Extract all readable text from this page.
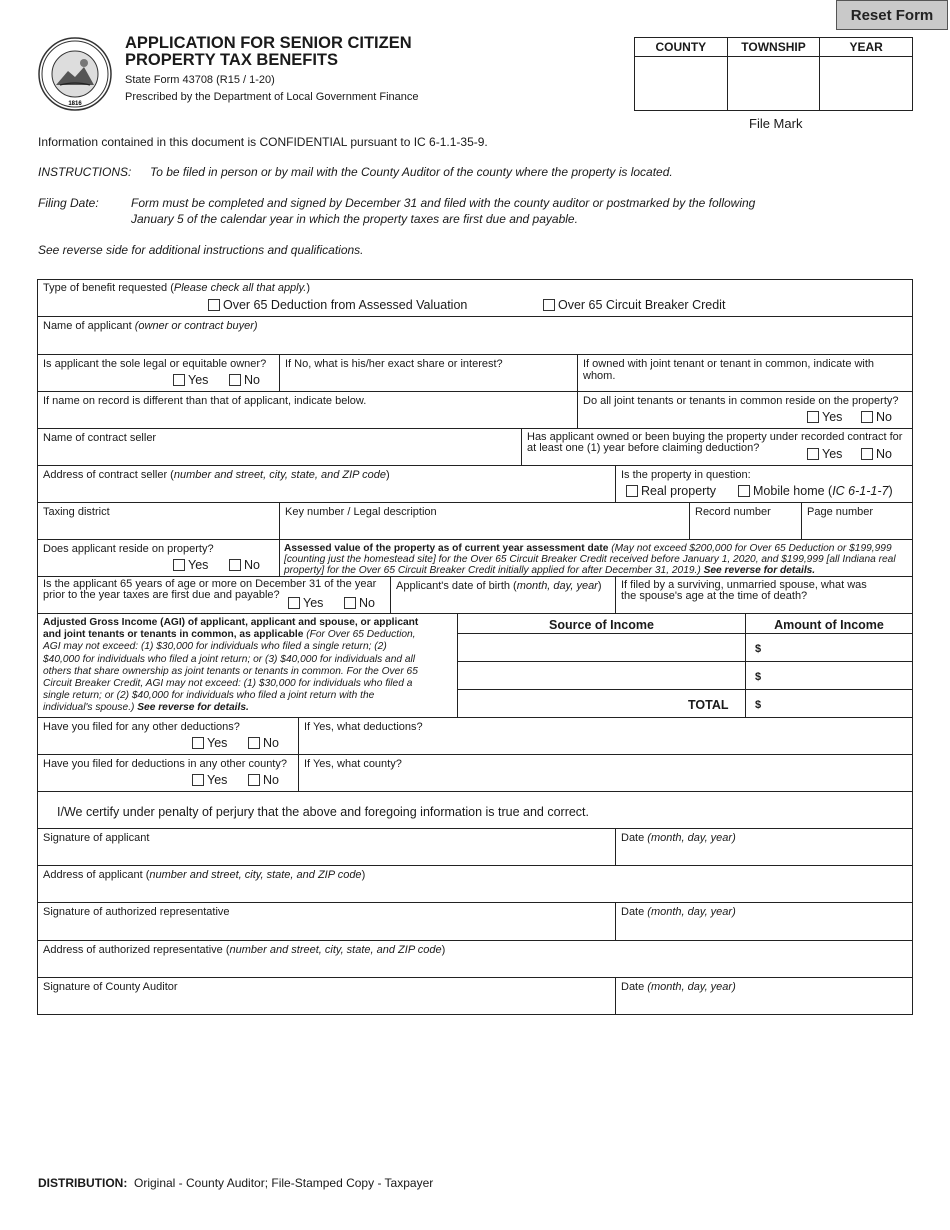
Reset Form
1816
APPLICATION FOR SENIOR CITIZEN
PROPERTY TAX BENEFITS
State Form 43708 (R15 / 1-20)
Prescribed by the Department of Local Government Finance
COUNTY	TOWNSHIP	YEAR
File Mark
Information contained in this document is CONFIDENTIAL pursuant to IC 6-1.1-35-9.
INSTRUCTIONS: To be filed in person or by mail with the County Auditor of the county where the property is located.
Filing Date:	Form must be completed and signed by December 31 and filed with the county auditor or postmarked by the following
January 5 of the calendar year in which the property taxes are first due and payable.
See reverse side for additional instructions and qualifications.
Type of benefit requested (Please check all that apply.)
Over 65 Deduction from Assessed Valuation	Over 65 Circuit Breaker Credit
Name of applicant (owner or contract buyer)
Is applicant the sole legal or equitable owner?
Yes	No
If No, what is his/her exact share or interest?	If owned with joint tenant or tenant in common, indicate with whom.
If name on record is different than that of applicant, indicate below.	Do all joint tenants or tenants in common reside on the property?
Yes	No
Name of contract seller	Has applicant owned or been buying the property under recorded contract for
at least one (1) year before claiming deduction?	Yes	No
Address of contract seller (number and street, city, state, and ZIP code)	Is the property in question:
Real property	Mobile home ( IC 6-1-1-7 )
Taxing district	Key number / Legal description	Record number	Page number
Does applicant reside on property?
Yes	No
Assessed value of the property as of current year assessment date (May not exceed $200,000 for Over 65 Deduction or $199,999
[counting just the homestead site] for the Over 65 Circuit Breaker Credit received before January 1, 2020, and $199,999 [all Indiana real
property] for the Over 65 Circuit Breaker Credit initially applied for after December 31, 2019.) See reverse for details.
Is the applicant 65 years of age or more on December 31 of the year
prior to the year taxes are first due and payable?
Yes	No
Applicant's date of birth (month, day, year)	If filed by a surviving, unmarried spouse, what was
the spouse's age at the time of death?
Adjusted Gross Income (AGI) of applicant, applicant and spouse, or applicant
and joint tenants or tenants in common, as applicable (For Over 65 Deduction,
AGI may not exceed: (1) $30,000 for individuals who filed a single return; (2)
$40,000 for individuals who filed a joint return; or (3) $40,000 for individuals and all
others that share ownership as joint tenants or tenants in common. For the Over 65
Circuit Breaker Credit, AGI may not exceed: (1) $30,000 for individuals who filed a
single return; or (2) $40,000 for individuals who filed a joint return with the
individual's spouse.) See reverse for details.
Source of Income	Amount of Income
$
$
TOTAL	$
Have you filed for any other deductions?
Yes	No
If Yes, what deductions?
Have you filed for deductions in any other county?
Yes	No
If Yes, what county?
I/We certify under penalty of perjury that the above and foregoing information is true and correct.
Signature of applicant	Date (month, day, year)
Address of applicant (number and street, city, state, and ZIP code)
Signature of authorized representative	Date (month, day, year)
Address of authorized representative (number and street, city, state, and ZIP code)
Signature of County Auditor	Date (month, day, year)
DISTRIBUTION: Original - County Auditor; File-Stamped Copy - Taxpayer
